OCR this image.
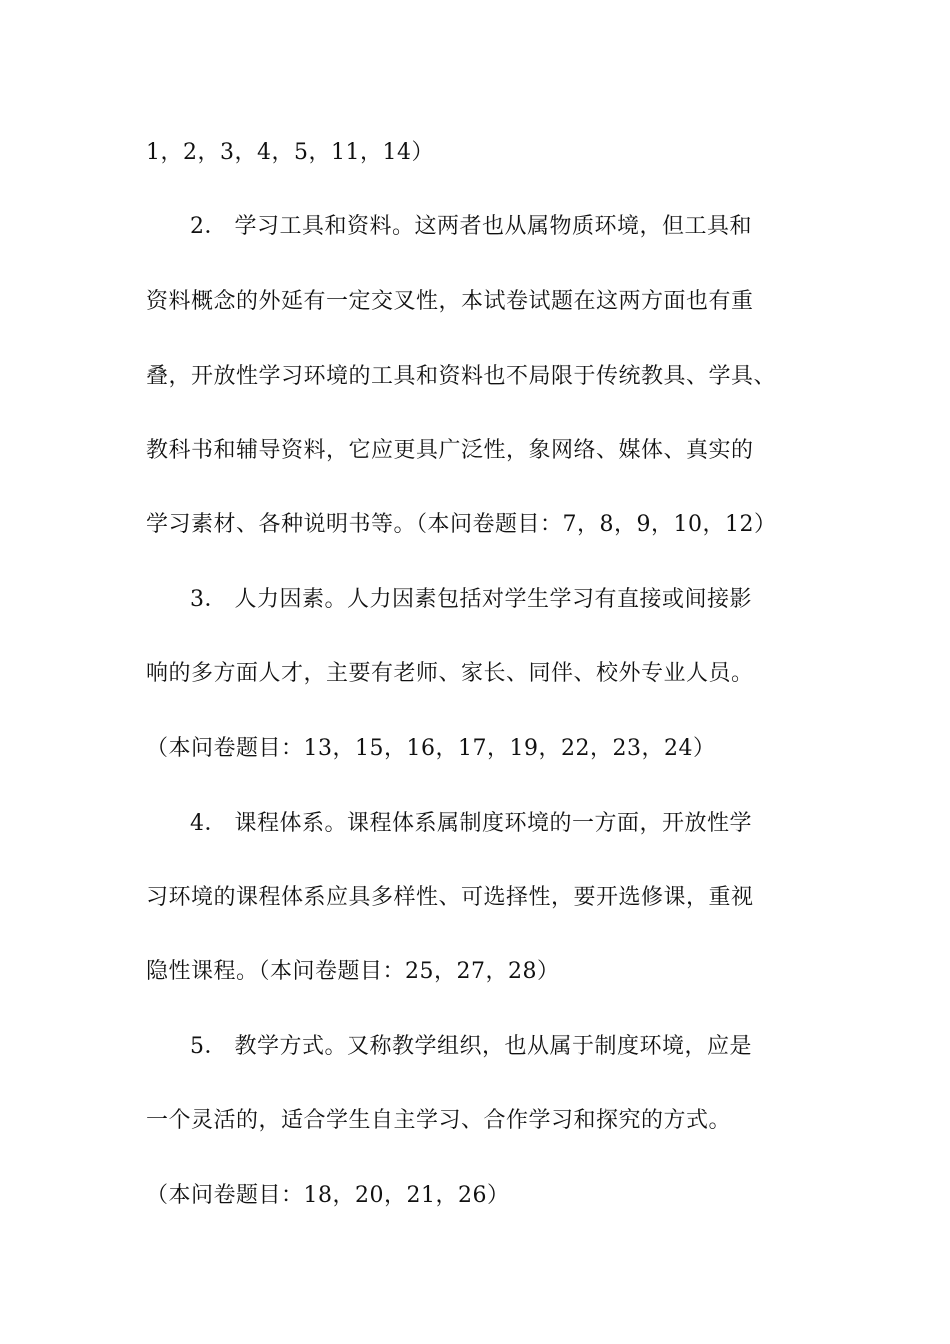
1，2，3，4，5，11，14）
2． 学习工具和资料。这两者也从属物质环境，但工具和
资料概念的外延有一定交叉性，本试卷试题在这两方面也有重
叠，开放性学习环境的工具和资料也不局限于传统教具、学具、
教科书和辅导资料，它应更具广泛性，象网络、媒体、真实的
学习素材、各种说明书等。（本问卷题目：7，8，9，10，12）
3． 人力因素。人力因素包括对学生学习有直接或间接影
响的多方面人才，主要有老师、家长、同伴、校外专业人员。
（本问卷题目：13，15，16，17，19，22，23，24）
4． 课程体系。课程体系属制度环境的一方面，开放性学
习环境的课程体系应具多样性、可选择性，要开选修课，重视
隐性课程。（本问卷题目：25，27，28）
5． 教学方式。又称教学组织，也从属于制度环境，应是
一个灵活的，适合学生自主学习、合作学习和探究的方式。
（本问卷题目：18，20，21，26）
